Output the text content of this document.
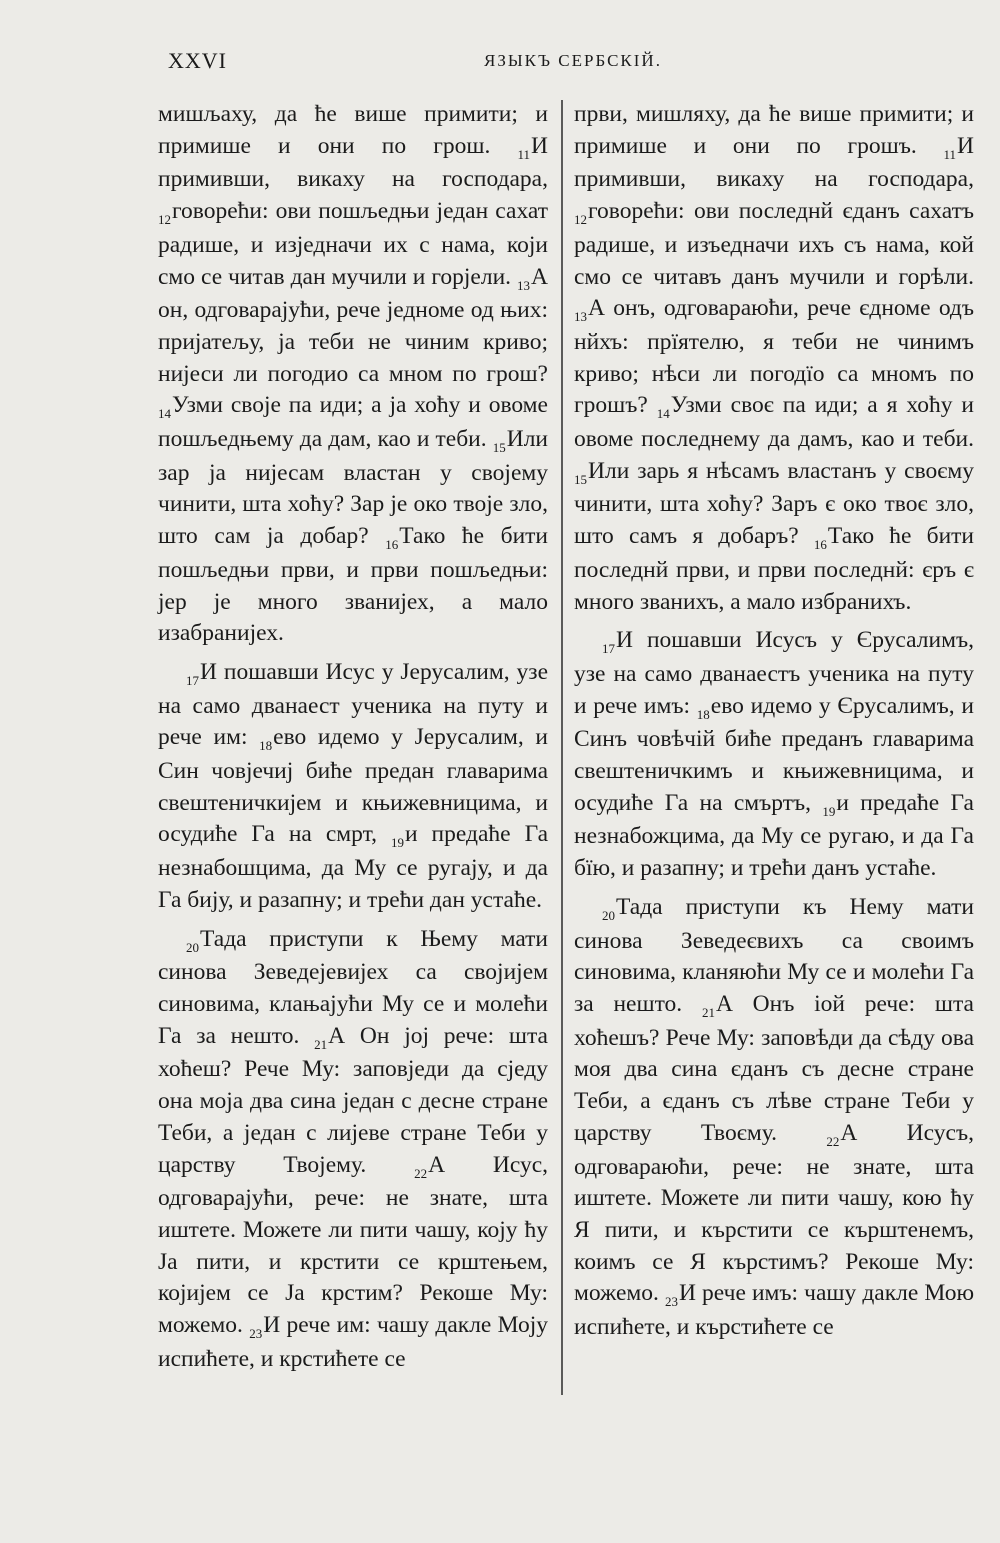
XXVI	ЯЗЫКЪ СЕРБСКІЙ.

мишљаху, да ће више примити; и примише и они по грош. $_{11}$И примивши, викаху на господара, $_{12}$говорећи: ови пошљедњи један сахат радише, и изједначи их с нама, који смо се читав дан мучили и горјели. $_{13}$А он, одговарајући, рече једноме од њих: пријатељу, ја теби не чиним криво; нијеси ли погодио са мном по грош? $_{14}$Узми своје па иди; а ја хоћу и овоме пошљедњему да дам, као и теби. $_{15}$Или зар ја нијесам властан у својему чинити, шта хоћу? Зар је око твоје зло, што сам ја добар? $_{16}$Тако ће бити пошљедњи први, и први пошљедњи: јер је много званијех, а мало изабранијех.

$_{17}$И пошавши Исус у Јерусалим, узе на само дванаест ученика на путу и рече им: $_{18}$ево идемо у Јерусалим, и Син човјечиј биће предан главарима свештеничкијем и књижевницима, и осудиће Га на смрт, $_{19}$и предаће Га незнабошцима, да Му се ругају, и да Га бију, и разапну; и трећи дан устаће.

$_{20}$Тада приступи к Њему мати синова Зеведејевијех са својијем синовима, клањајући Му се и молећи Га за нешто. $_{21}$А Он јој рече: шта хоћеш? Рече Му: заповједи да сједу она моја два сина један с десне стране Теби, а један с лијеве стране Теби у царству Твојему. $_{22}$А Исус, одговарајући, рече: не знате, шта иштете. Можете ли пити чашу, коју ћу Ја пити, и крстити се крштењем, којијем се Ја крстим? Рекоше Му: можемо. $_{23}$И рече им: чашу дакле Моју испићете, и крстићете се

први, мишляху, да ће више примити; и примише и они по грошъ. $_{11}$И примивши, викаху на господара, $_{12}$говорећи: ови последнй єданъ сахатъ радише, и изъедначи ихъ съ нама, кой смо се читавъ данъ мучили и горѣли. $_{13}$А онъ, одговараюћи, рече єдноме одъ нйхъ: прїятелю, я теби не чинимъ криво; нѣси ли погодїо са мномъ по грошъ? $_{14}$Узми своє па иди; а я хоћу и овоме последнему да дамъ, као и теби. $_{15}$Или зарь я нѣсамъ властанъ у своєму чинити, шта хоћу? Заръ є око твоє зло, што самъ я добаръ? $_{16}$Тако ће бити последнй први, и први последнй: єръ є много званихъ, а мало избранихъ.

$_{17}$И пошавши Исусъ у Єрусалимъ, узе на само дванаестъ ученика на путу и рече имъ: $_{18}$ево идемо у Єрусалимъ, и Синъ човѣчій биће преданъ главарима свештеничкимъ и књижевницима, и осудиће Га на смъртъ, $_{19}$и предаће Га незнабожцима, да Му се ругаю, и да Га бїю, и разапну; и трећи данъ устаће.

$_{20}$Тада приступи къ Нему мати синова Зеведеєвихъ са своимъ синовима, кланяюћи Му се и молећи Га за нешто. $_{21}$А Онъ іой рече: шта хоћешъ? Рече Му: заповѣди да сѣду ова моя два сина єданъ съ десне стране Теби, а єданъ съ лѣве стране Теби у царству Твоєму. $_{22}$А Исусъ, одговараюћи, рече: не знате, шта иштете. Можете ли пити чашу, кою ћу Я пити, и кърстити се кърштенемъ, коимъ се Я кърстимъ? Рекоше Му: можемо. $_{23}$И рече имъ: чашу дакле Мою испићете, и кърстићете се
